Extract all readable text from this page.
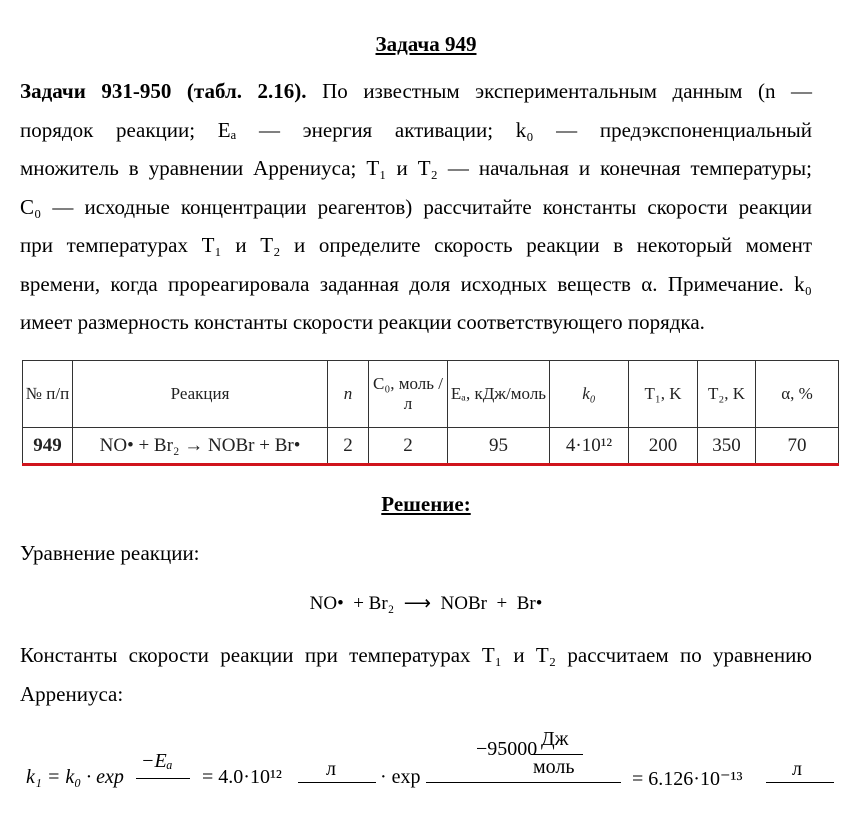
Задача 949
Задачи 931-950 (табл. 2.16). По известным экспериментальным данным (n —
порядок реакции; Eₐ — энергия активации; k₀ — предэкспоненциальный
множитель в уравнении Аррениуса; T₁ и T₂ — начальная и конечная температуры;
C₀ — исходные концентрации реагентов) рассчитайте константы скорости реакции
при температурах T₁ и T₂ и определите скорость реакции в некоторый момент
времени, когда прореагировала заданная доля исходных веществ α. Примечание. k₀
имеет размерность константы скорости реакции соответствующего порядка.
№ п/п	Реакция	n	C₀, моль /л	Eₐ, кДж/моль	k₀	T₁, K	T₂, K	α, %
949	NO• + Br₂ → NOBr + Br•	2	2	95	4·10¹²	200	350	70
Решение:
Уравнение реакции:
NO•  + Br₂  ⟶  NOBr  +  Br•
Константы скорости реакции при температурах T₁ и T₂ рассчитаем по уравнению
Аррениуса:
k₁ = k₀ · exp
−Eₐ
= 4.0·10¹² л · exp
−95000 Дж
моль
= 6.126·10⁻¹³ л
